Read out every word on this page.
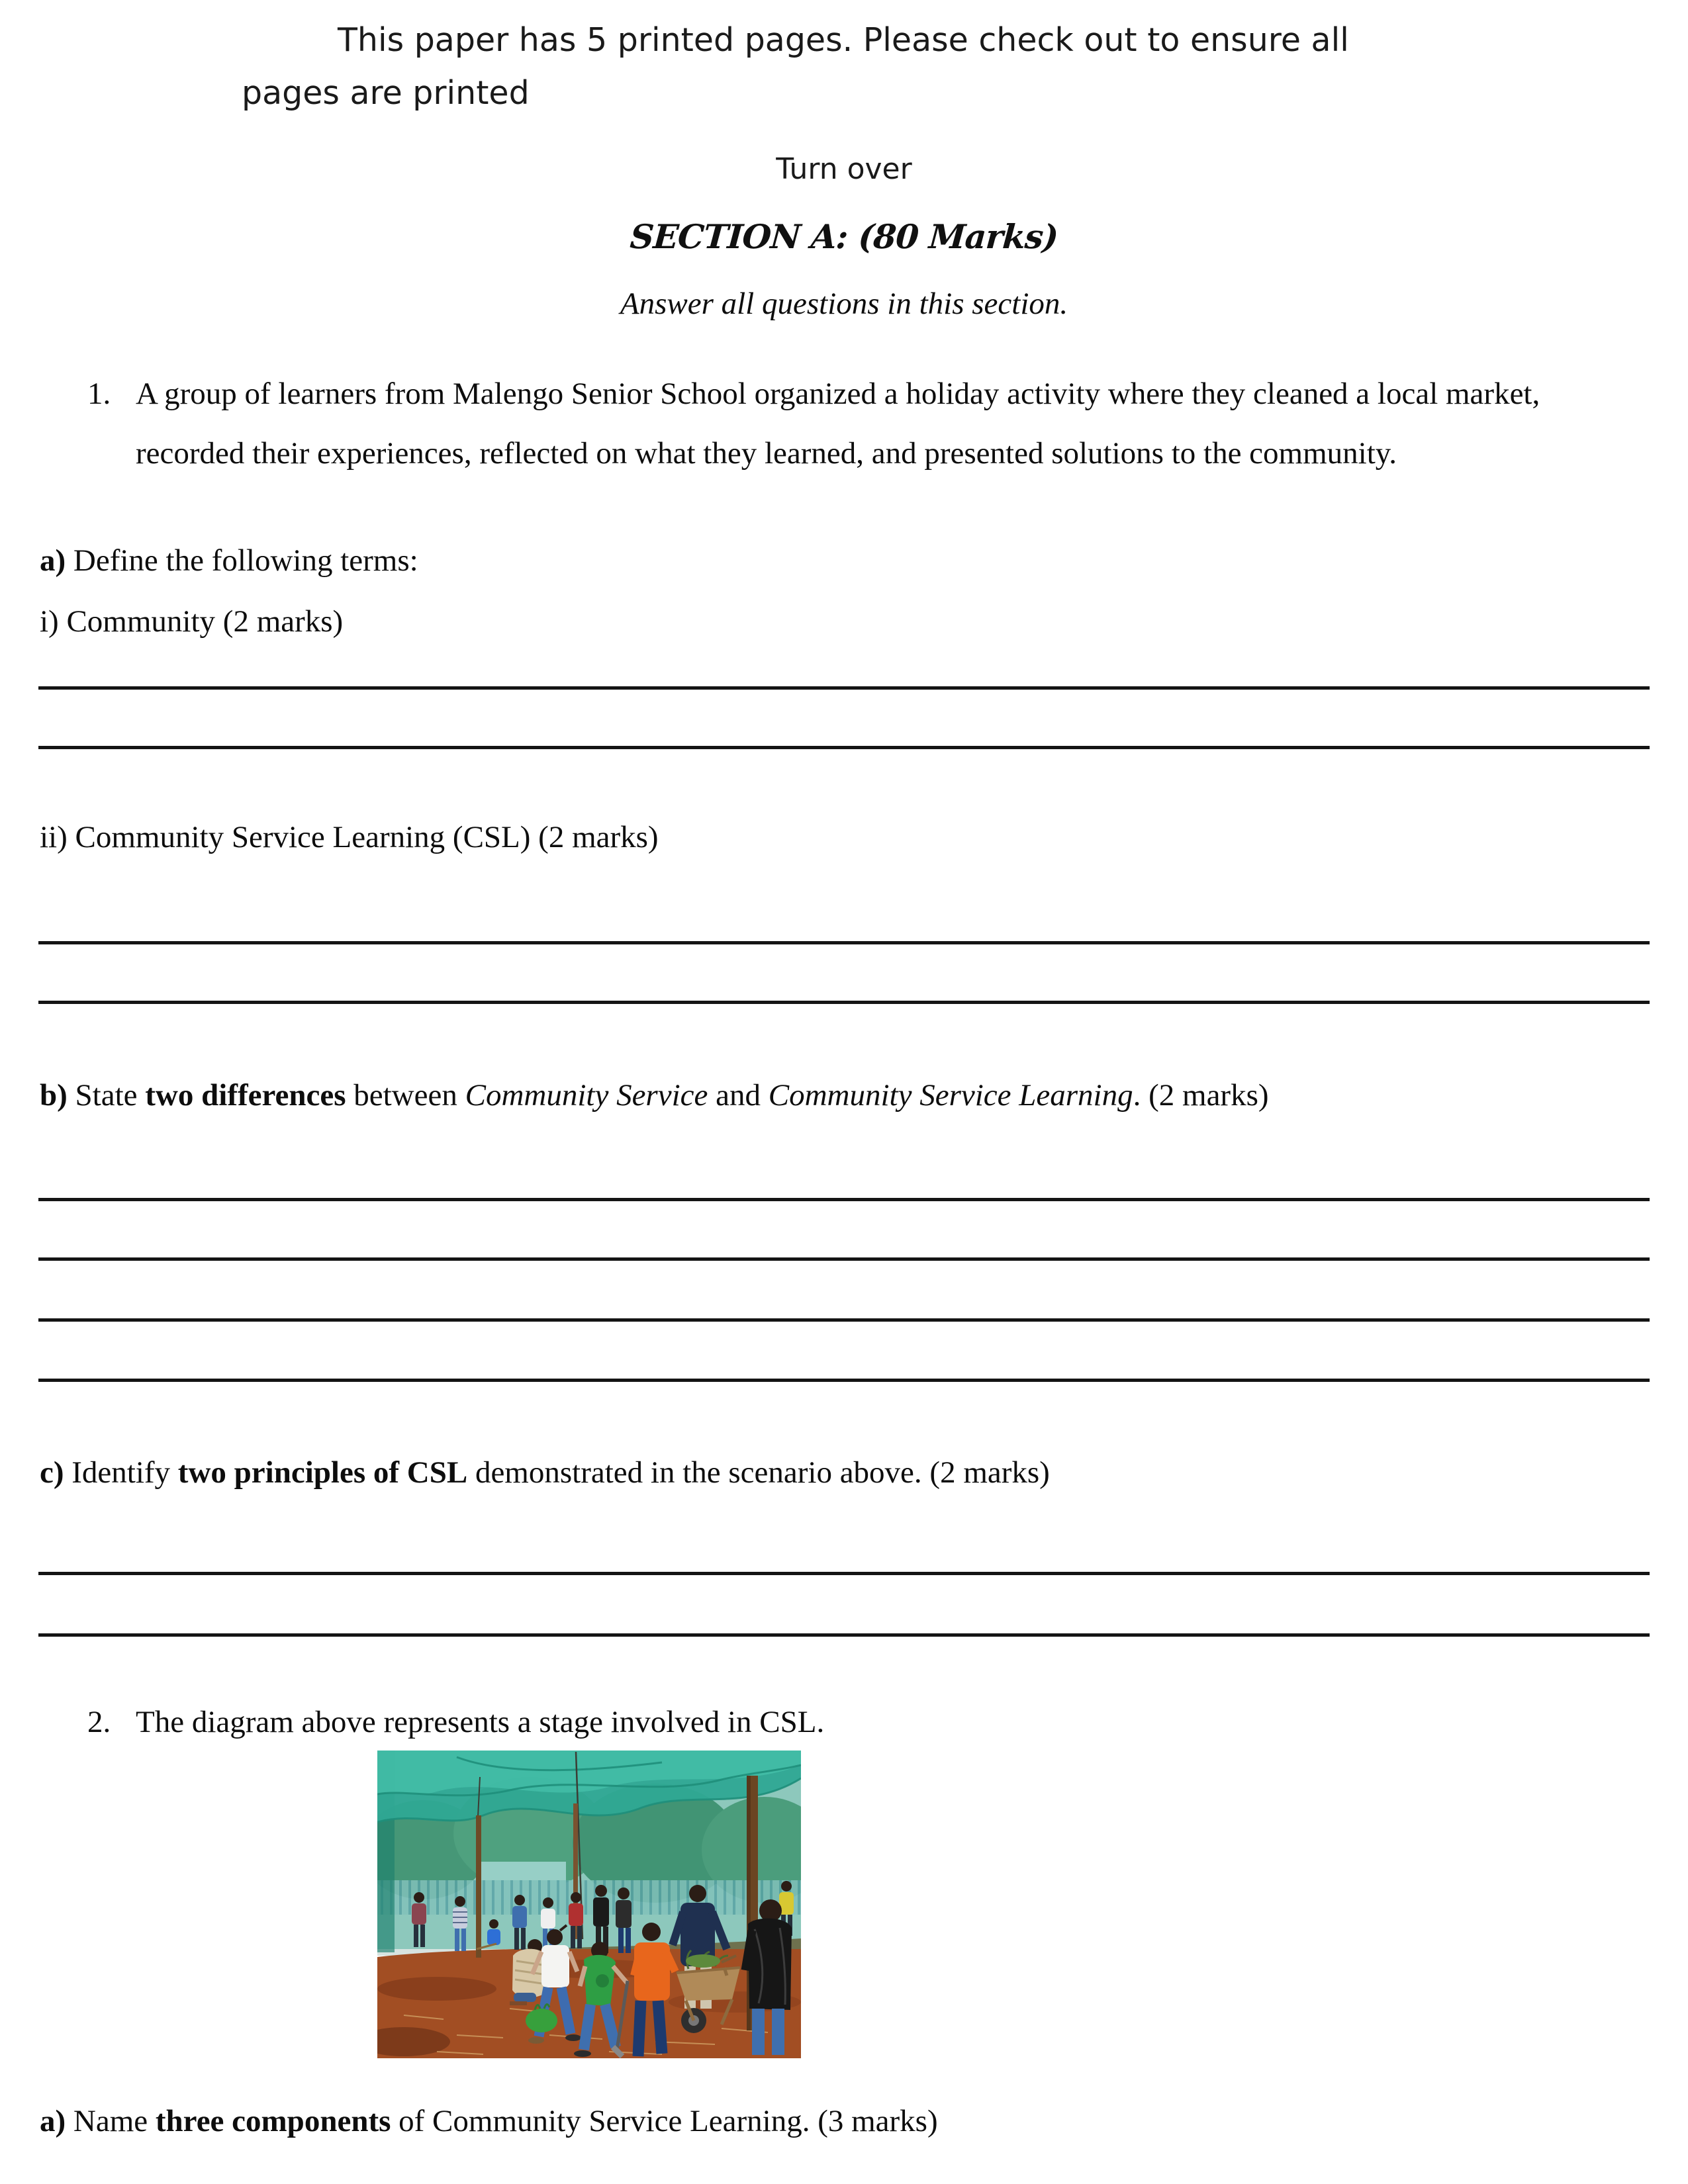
This paper has 5 printed pages. Please check out to ensure all
pages are printed
Turn over
SECTION A: (80 Marks)
Answer all questions in this section.
1. A group of learners from Malengo Senior School organized a holiday activity where they cleaned a local market,
recorded their experiences, reflected on what they learned, and presented solutions to the community.
a) Define the following terms:
i) Community (2 marks)
ii) Community Service Learning (CSL) (2 marks)
b) State two differences between Community Service and Community Service Learning. (2 marks)
c) Identify two principles of CSL demonstrated in the scenario above. (2 marks)
2. The diagram above represents a stage involved in CSL.
a) Name three components of Community Service Learning. (3 marks)
